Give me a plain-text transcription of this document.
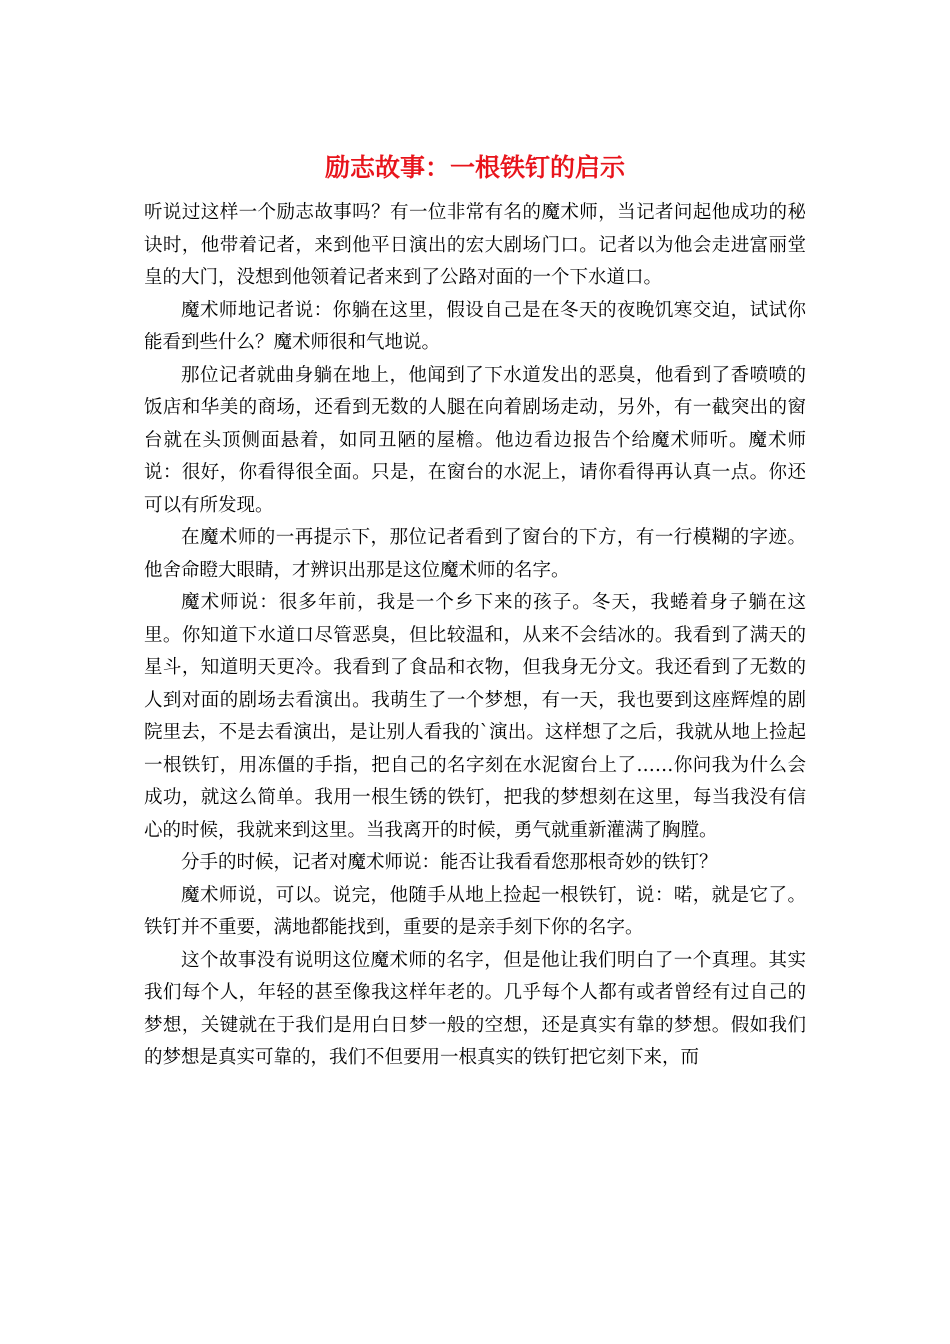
励志故事：一根铁钉的启示

听说过这样一个励志故事吗？有一位非常有名的魔术师，当记者问起他成功的秘诀时，他带着记者，来到他平日演出的宏大剧场门口。记者以为他会走进富丽堂皇的大门，没想到他领着记者来到了公路对面的一个下水道口。

魔术师地记者说：你躺在这里，假设自己是在冬天的夜晚饥寒交迫，试试你能看到些什么？魔术师很和气地说。

那位记者就曲身躺在地上，他闻到了下水道发出的恶臭，他看到了香喷喷的饭店和华美的商场，还看到无数的人腿在向着剧场走动，另外，有一截突出的窗台就在头顶侧面悬着，如同丑陋的屋檐。他边看边报告个给魔术师听。魔术师说：很好，你看得很全面。只是，在窗台的水泥上，请你看得再认真一点。你还可以有所发现。

在魔术师的一再提示下，那位记者看到了窗台的下方，有一行模糊的字迹。他舍命瞪大眼睛，才辨识出那是这位魔术师的名字。

魔术师说：很多年前，我是一个乡下来的孩子。冬天，我蜷着身子躺在这里。你知道下水道口尽管恶臭，但比较温和，从来不会结冰的。我看到了满天的星斗，知道明天更冷。我看到了食品和衣物，但我身无分文。我还看到了无数的人到对面的剧场去看演出。我萌生了一个梦想，有一天，我也要到这座辉煌的剧院里去，不是去看演出，是让别人看我的`演出。这样想了之后，我就从地上捡起一根铁钉，用冻僵的手指，把自己的名字刻在水泥窗台上了……你问我为什么会成功，就这么简单。我用一根生锈的铁钉，把我的梦想刻在这里，每当我没有信心的时候，我就来到这里。当我离开的时候，勇气就重新灌满了胸膛。

分手的时候，记者对魔术师说：能否让我看看您那根奇妙的铁钉？

魔术师说，可以。说完，他随手从地上捡起一根铁钉，说：喏，就是它了。铁钉并不重要，满地都能找到，重要的是亲手刻下你的名字。

这个故事没有说明这位魔术师的名字，但是他让我们明白了一个真理。其实我们每个人，年轻的甚至像我这样年老的。几乎每个人都有或者曾经有过自己的梦想，关键就在于我们是用白日梦一般的空想，还是真实有靠的梦想。假如我们的梦想是真实可靠的，我们不但要用一根真实的铁钉把它刻下来，而
